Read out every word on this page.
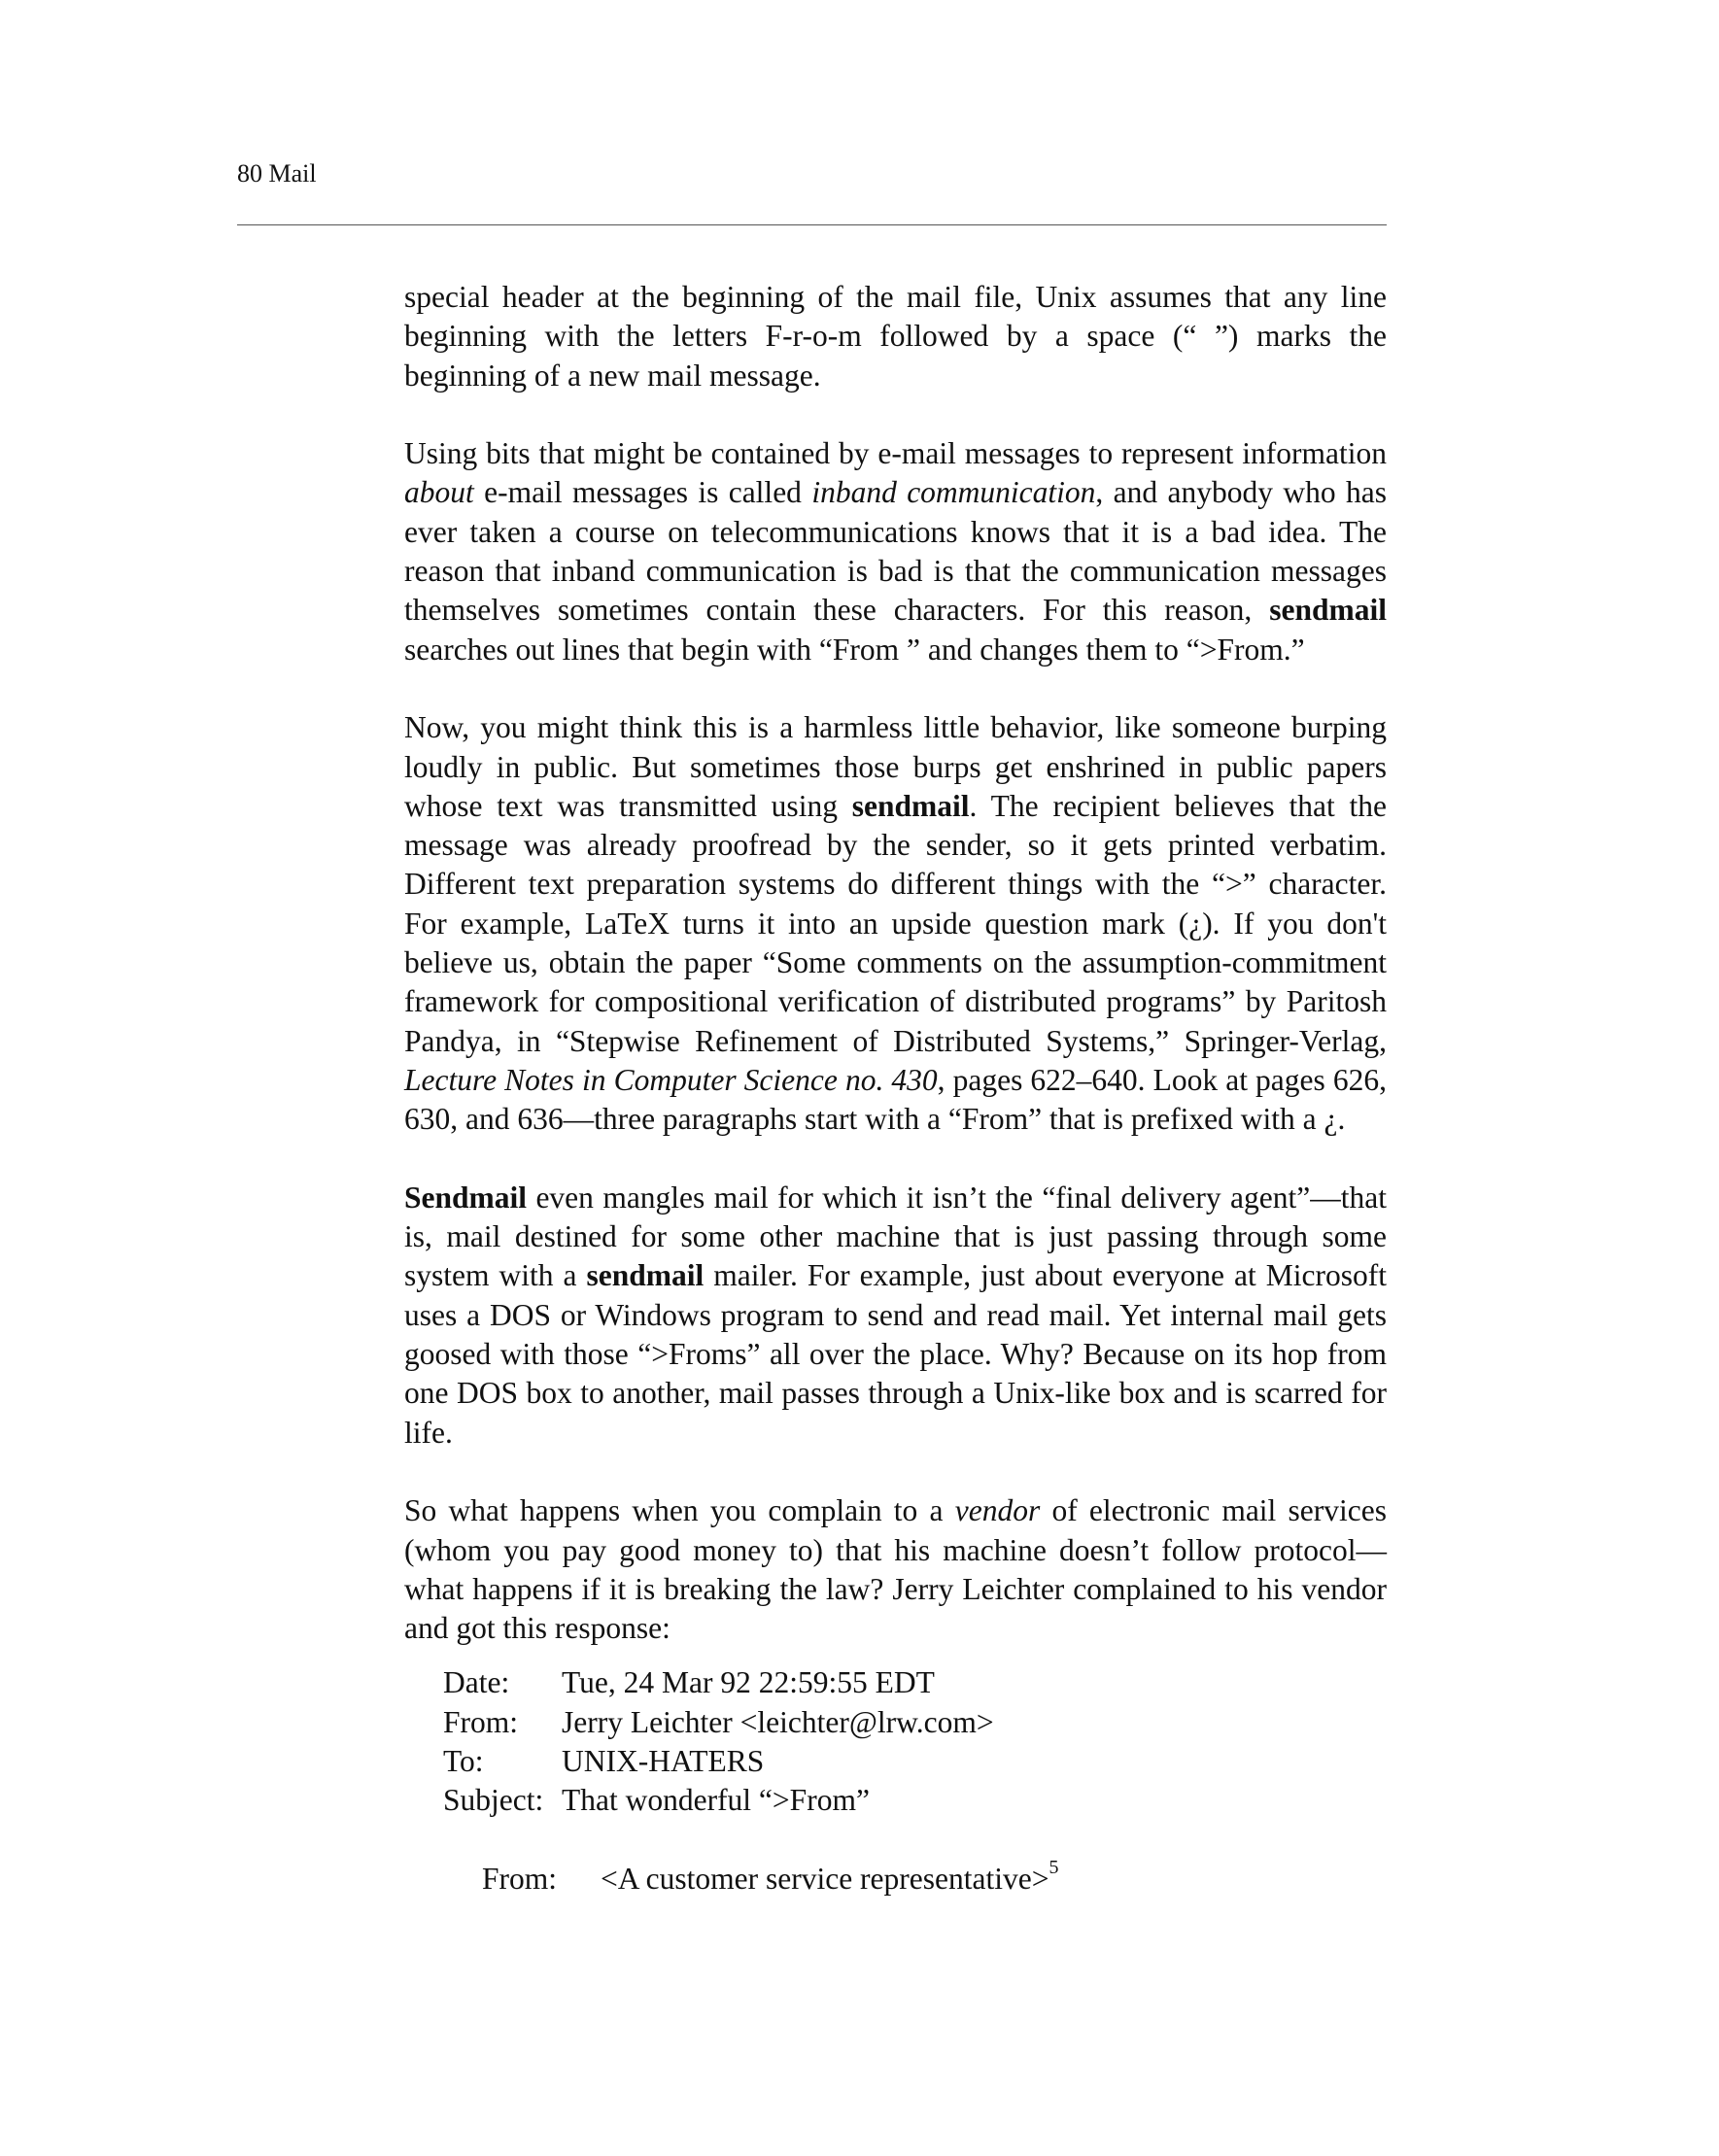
80 Mail

special header at the beginning of the mail file, Unix assumes that any line beginning with the letters F-r-o-m followed by a space (“ ”) marks the beginning of a new mail message.

Using bits that might be contained by e-mail messages to represent information about e-mail messages is called inband communication, and anybody who has ever taken a course on telecommunications knows that it is a bad idea. The reason that inband communication is bad is that the communication messages themselves sometimes contain these characters. For this reason, sendmail searches out lines that begin with “From ” and changes them to “>From.”

Now, you might think this is a harmless little behavior, like someone burping loudly in public. But sometimes those burps get enshrined in public papers whose text was transmitted using sendmail. The recipient believes that the message was already proofread by the sender, so it gets printed verbatim. Different text preparation systems do different things with the “>” character. For example, LaTeX turns it into an upside question mark (¿). If you don't believe us, obtain the paper “Some comments on the assumption-commitment framework for compositional verification of distributed programs” by Paritosh Pandya, in “Stepwise Refinement of Distributed Systems,” Springer-Verlag, Lecture Notes in Computer Science no. 430, pages 622–640. Look at pages 626, 630, and 636—three paragraphs start with a “From” that is prefixed with a ¿.

Sendmail even mangles mail for which it isn’t the “final delivery agent”—that is, mail destined for some other machine that is just passing through some system with a sendmail mailer. For example, just about everyone at Microsoft uses a DOS or Windows program to send and read mail. Yet internal mail gets goosed with those “>Froms” all over the place. Why? Because on its hop from one DOS box to another, mail passes through a Unix-like box and is scarred for life.

So what happens when you complain to a vendor of electronic mail services (whom you pay good money to) that his machine doesn’t follow protocol—what happens if it is breaking the law? Jerry Leichter complained to his vendor and got this response:

Date:	Tue, 24 Mar 92 22:59:55 EDT
From:	Jerry Leichter <leichter@lrw.com>
To:	UNIX-HATERS
Subject:	That wonderful “>From”
From:	<A customer service representative>$^5$
